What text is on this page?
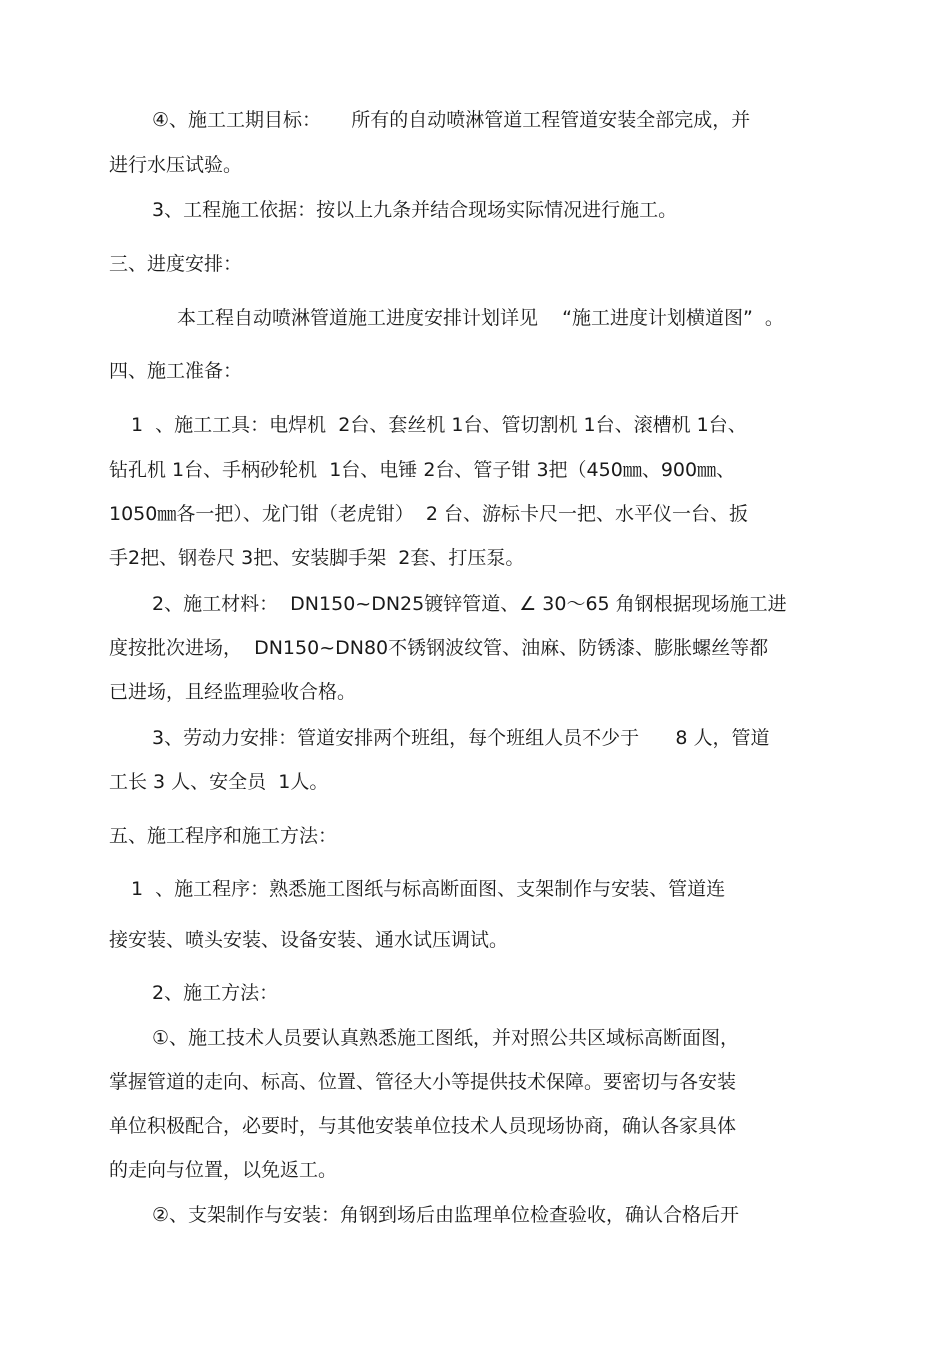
④、施工工期目标：     所有的自动喷淋管道工程管道安装全部完成，并
进行水压试验。
3、工程施工依据：按以上九条并结合现场实际情况进行施工。
三、进度安排：
本工程自动喷淋管道施工进度安排计划详见    “施工进度计划横道图”  。
四、施工准备：
1  、施工工具：电焊机  2台、套丝机 1台、管切割机 1台、滚槽机 1台、
钻孔机 1台、手柄砂轮机  1台、电锤 2台、管子钳 3把（450㎜、900㎜、
1050㎜各一把）、龙门钳（老虎钳）  2 台、游标卡尺一把、水平仪一台、扳
手2把、钢卷尺 3把、安装脚手架  2套、打压泵。
2、施工材料：  DN150~DN25镀锌管道、∠ 30～65 角钢根据现场施工进
度按批次进场，  DN150~DN80不锈钢波纹管、油麻、防锈漆、膨胀螺丝等都
已进场，且经监理验收合格。
3、劳动力安排：管道安排两个班组，每个班组人员不少于      8 人，管道
工长 3 人、安全员  1人。
五、施工程序和施工方法：
1  、施工程序：熟悉施工图纸与标高断面图、支架制作与安装、管道连
接安装、喷头安装、设备安装、通水试压调试。
2、施工方法：
①、施工技术人员要认真熟悉施工图纸，并对照公共区域标高断面图，
掌握管道的走向、标高、位置、管径大小等提供技术保障。要密切与各安装
单位积极配合，必要时，与其他安装单位技术人员现场协商，确认各家具体
的走向与位置，以免返工。
②、支架制作与安装：角钢到场后由监理单位检查验收，确认合格后开
